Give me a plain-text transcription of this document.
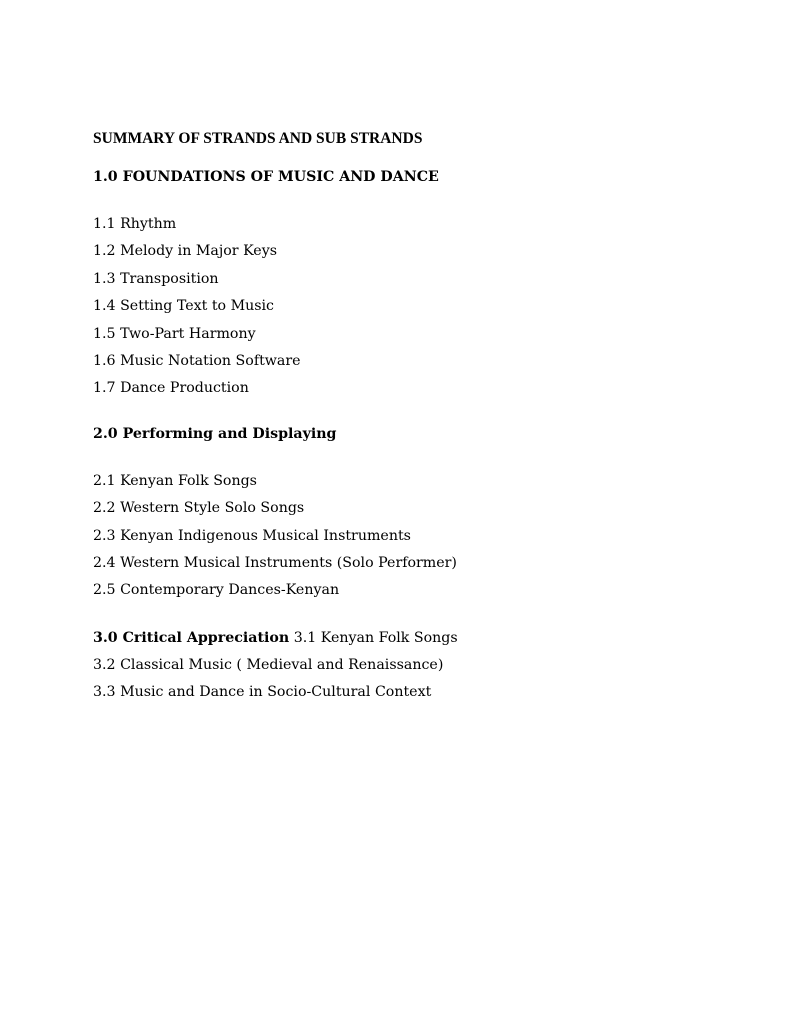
SUMMARY OF STRANDS AND SUB STRANDS

1.0 FOUNDATIONS OF MUSIC AND DANCE

1.1 Rhythm
1.2 Melody in Major Keys
1.3 Transposition
1.4 Setting Text to Music
1.5 Two-Part Harmony
1.6 Music Notation Software
1.7 Dance Production

2.0 Performing and Displaying

2.1 Kenyan Folk Songs
2.2 Western Style Solo Songs
2.3 Kenyan Indigenous Musical Instruments
2.4 Western Musical Instruments (Solo Performer)
2.5 Contemporary Dances-Kenyan
3.0 Critical Appreciation 3.1 Kenyan Folk Songs
3.2 Classical Music ( Medieval and Renaissance)
3.3 Music and Dance in Socio-Cultural Context
